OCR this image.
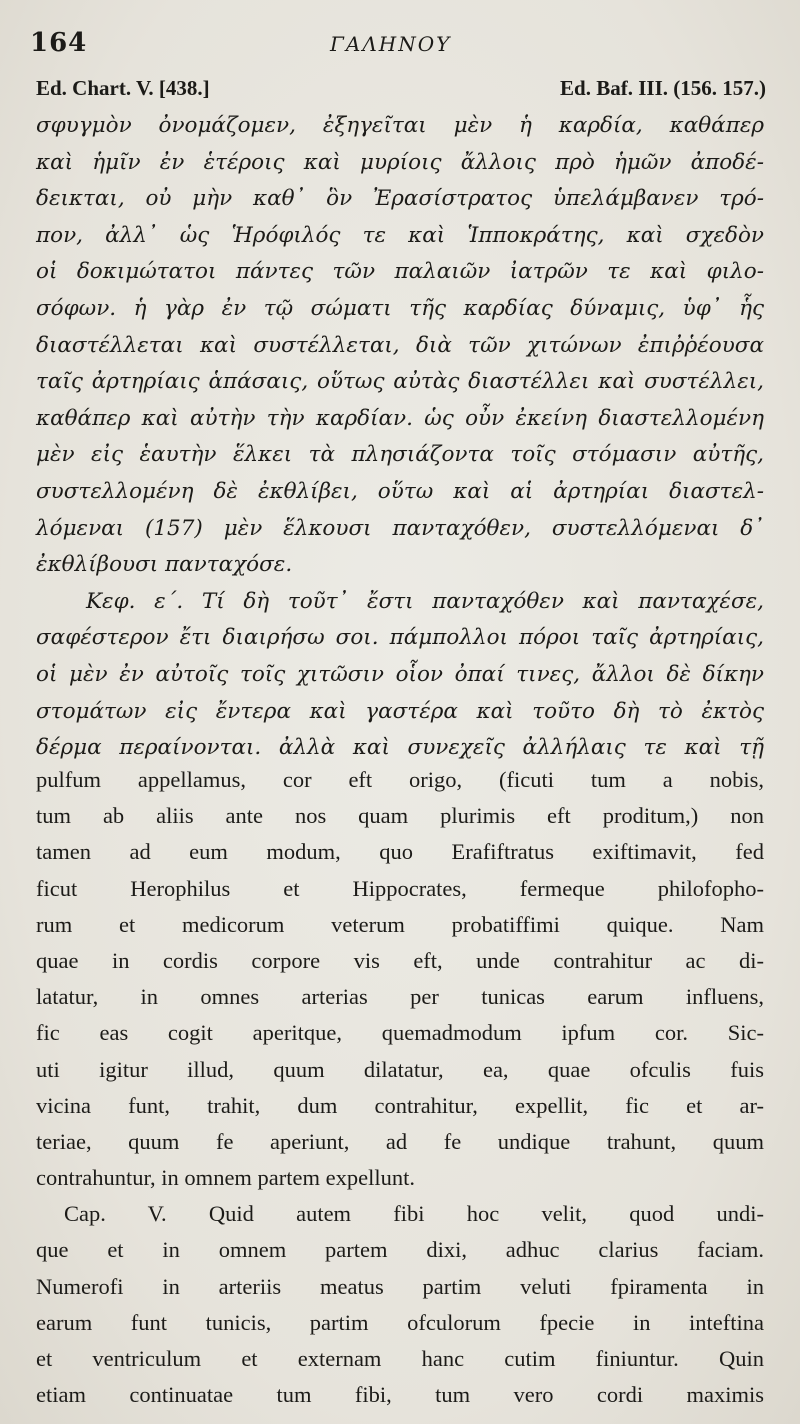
164	ΓΑΛΗΝΟΥ
Ed. Chart. V. [438.]	Ed. Baf. III. (156. 157.)
σφυγμὸν ὀνομάζομεν, ἐξηγεῖται μὲν ἡ καρδία, καθάπερ
καὶ ἡμῖν ἐν ἑτέροις καὶ μυρίοις ἄλλοις πρὸ ἡμῶν ἀποδέ-
δεικται, οὐ μὴν καθ᾽ ὃν Ἐρασίστρατος ὑπελάμβανεν τρό-
πον, ἀλλ᾽ ὡς Ἡρόφιλός τε καὶ Ἱπποκράτης, καὶ σχεδὸν
οἱ δοκιμώτατοι πάντες τῶν παλαιῶν ἰατρῶν τε καὶ φιλο-
σόφων. ἡ γὰρ ἐν τῷ σώματι τῆς καρδίας δύναμις, ὑφ᾽ ἧς
διαστέλλεται καὶ συστέλλεται, διὰ τῶν χιτώνων ἐπιῤῥέουσα
ταῖς ἀρτηρίαις ἁπάσαις, οὕτως αὐτὰς διαστέλλει καὶ συστέλλει,
καθάπερ καὶ αὐτὴν τὴν καρδίαν. ὡς οὖν ἐκείνη διαστελλομένη
μὲν εἰς ἑαυτὴν ἕλκει τὰ πλησιάζοντα τοῖς στόμασιν αὐτῆς,
συστελλομένη δὲ ἐκθλίβει, οὕτω καὶ αἱ ἀρτηρίαι διαστελ-
λόμεναι (157) μὲν ἕλκουσι πανταχόθεν, συστελλόμεναι δ᾽
ἐκθλίβουσι πανταχόσε.
Κεφ. ε΄. Τί δὴ τοῦτ᾽ ἔστι πανταχόθεν καὶ πανταχέσε,
σαφέστερον ἔτι διαιρήσω σοι. πάμπολλοι πόροι ταῖς ἀρτηρίαις,
οἱ μὲν ἐν αὐτοῖς τοῖς χιτῶσιν οἷον ὀπαί τινες, ἄλλοι δὲ δίκην
στομάτων εἰς ἔντερα καὶ γαστέρα καὶ τοῦτο δὴ τὸ ἐκτὸς
δέρμα περαίνονται. ἀλλὰ καὶ συνεχεῖς ἀλλήλαις τε καὶ τῇ
pulfum appellamus, cor eft origo, (ficuti tum a nobis,
tum ab aliis ante nos quam plurimis eft proditum,) non
tamen ad eum modum, quo Erafiftratus exiftimavit, fed
ficut Herophilus et Hippocrates, fermeque philofopho-
rum et medicorum veterum probatiffimi quique. Nam
quae in cordis corpore vis eft, unde contrahitur ac di-
latatur, in omnes arterias per tunicas earum influens,
fic eas cogit aperitque, quemadmodum ipfum cor. Sic-
uti igitur illud, quum dilatatur, ea, quae ofculis fuis
vicina funt, trahit, dum contrahitur, expellit, fic et ar-
teriae, quum fe aperiunt, ad fe undique trahunt, quum
contrahuntur, in omnem partem expellunt.
Cap. V. Quid autem fibi hoc velit, quod undi-
que et in omnem partem dixi, adhuc clarius faciam.
Numerofi in arteriis meatus partim veluti fpiramenta in
earum funt tunicis, partim ofculorum fpecie in inteftina
et ventriculum et externam hanc cutim finiuntur. Quin
etiam continuatae tum fibi, tum vero cordi maximis
